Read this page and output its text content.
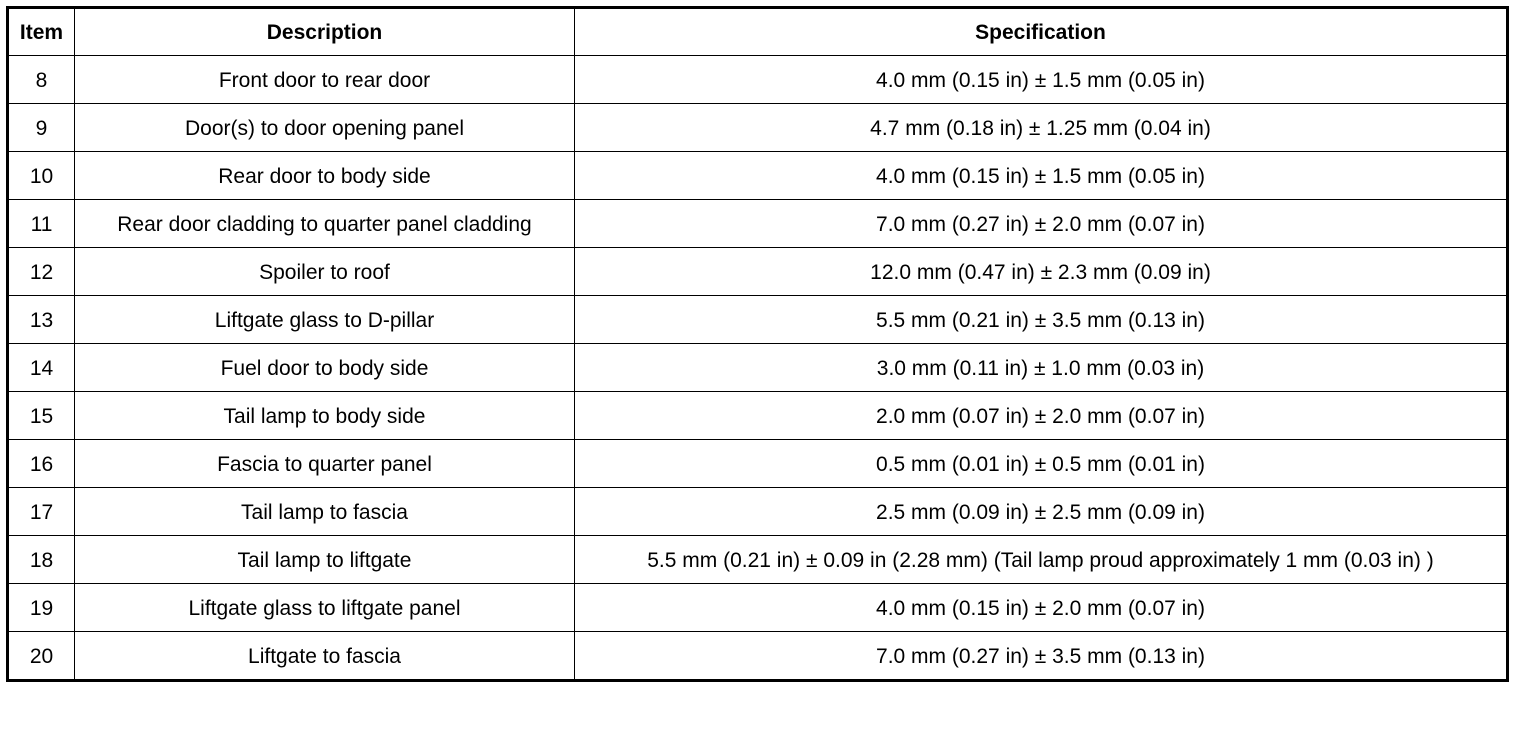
Item	Description	Specification
8	Front door to rear door	4.0 mm (0.15 in) ± 1.5 mm (0.05 in)
9	Door(s) to door opening panel	4.7 mm (0.18 in) ± 1.25 mm (0.04 in)
10	Rear door to body side	4.0 mm (0.15 in) ± 1.5 mm (0.05 in)
11	Rear door cladding to quarter panel cladding	7.0 mm (0.27 in) ± 2.0 mm (0.07 in)
12	Spoiler to roof	12.0 mm (0.47 in) ± 2.3 mm (0.09 in)
13	Liftgate glass to D-pillar	5.5 mm (0.21 in) ± 3.5 mm (0.13 in)
14	Fuel door to body side	3.0 mm (0.11 in) ± 1.0 mm (0.03 in)
15	Tail lamp to body side	2.0 mm (0.07 in) ± 2.0 mm (0.07 in)
16	Fascia to quarter panel	0.5 mm (0.01 in) ± 0.5 mm (0.01 in)
17	Tail lamp to fascia	2.5 mm (0.09 in) ± 2.5 mm (0.09 in)
18	Tail lamp to liftgate	5.5 mm (0.21 in) ± 0.09 in (2.28 mm) (Tail lamp proud approximately 1 mm (0.03 in) )
19	Liftgate glass to liftgate panel	4.0 mm (0.15 in) ± 2.0 mm (0.07 in)
20	Liftgate to fascia	7.0 mm (0.27 in) ± 3.5 mm (0.13 in)
